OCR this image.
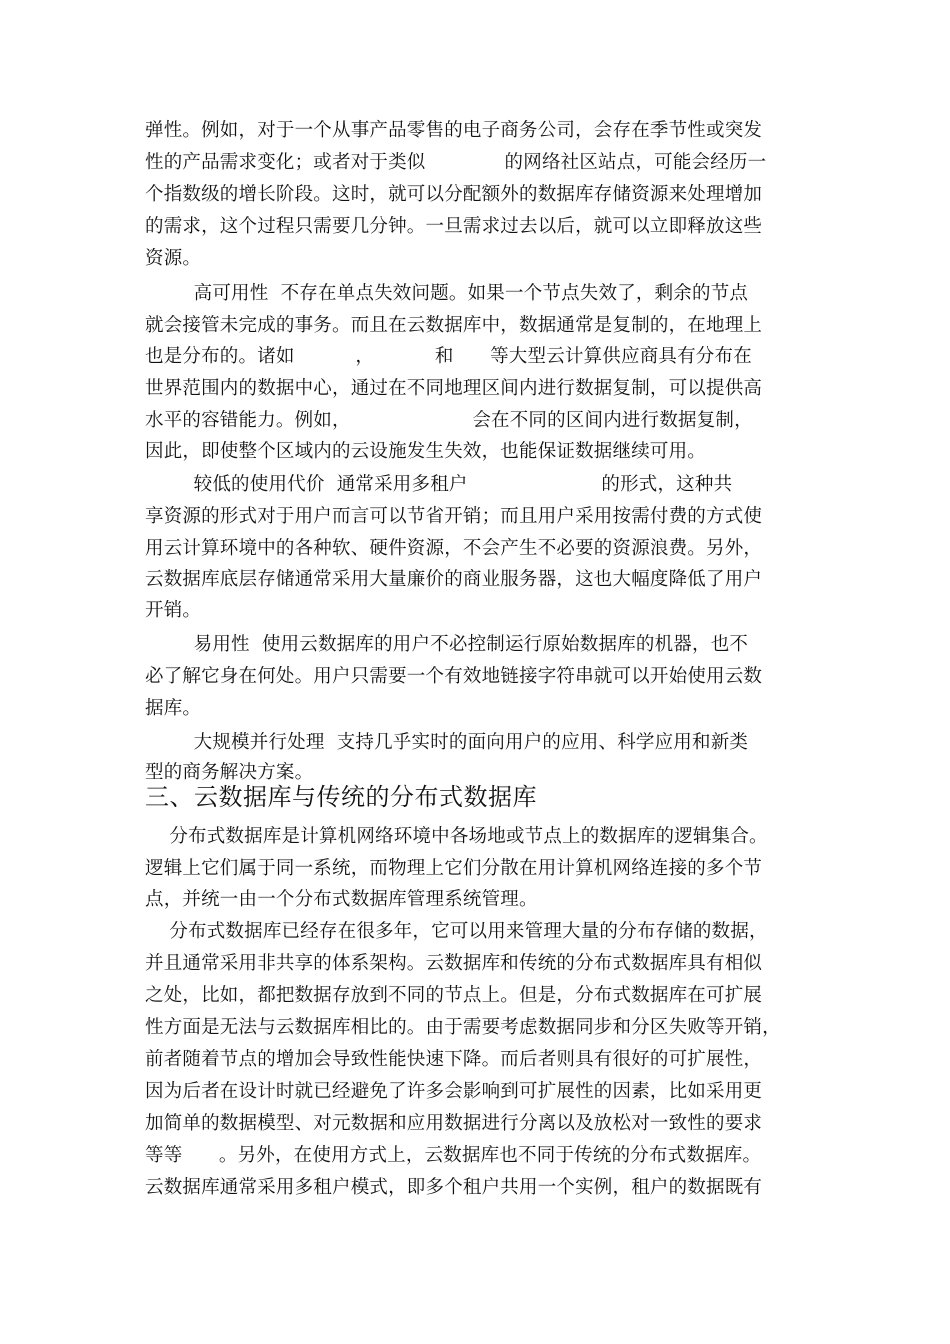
弹性。例如，对于一个从事产品零售的电子商务公司，会存在季节性或突发
性的产品需求变化；或者对于类似             的网络社区站点，可能会经历一
个指数级的增长阶段。这时，就可以分配额外的数据库存储资源来处理增加
的需求，这个过程只需要几分钟。一旦需求过去以后，就可以立即释放这些
资源。
高可用性  不存在单点失效问题。如果一个节点失效了，剩余的节点
就会接管未完成的事务。而且在云数据库中，数据通常是复制的，在地理上
也是分布的。诸如          ，          和      等大型云计算供应商具有分布在
世界范围内的数据中心，通过在不同地理区间内进行数据复制，可以提供高
水平的容错能力。例如，                    会在不同的区间内进行数据复制，
因此，即使整个区域内的云设施发生失效，也能保证数据继续可用。
较低的使用代价  通常采用多租户                      的形式，这种共
享资源的形式对于用户而言可以节省开销；而且用户采用按需付费的方式使
用云计算环境中的各种软、硬件资源，不会产生不必要的资源浪费。另外，
云数据库底层存储通常采用大量廉价的商业服务器，这也大幅度降低了用户
开销。
易用性  使用云数据库的用户不必控制运行原始数据库的机器，也不
必了解它身在何处。用户只需要一个有效地链接字符串就可以开始使用云数
据库。
大规模并行处理  支持几乎实时的面向用户的应用、科学应用和新类
型的商务解决方案。
三、云数据库与传统的分布式数据库
分布式数据库是计算机网络环境中各场地或节点上的数据库的逻辑集合。
逻辑上它们属于同一系统，而物理上它们分散在用计算机网络连接的多个节
点，并统一由一个分布式数据库管理系统管理。
分布式数据库已经存在很多年，它可以用来管理大量的分布存储的数据，
并且通常采用非共享的体系架构。云数据库和传统的分布式数据库具有相似
之处，比如，都把数据存放到不同的节点上。但是，分布式数据库在可扩展
性方面是无法与云数据库相比的。由于需要考虑数据同步和分区失败等开销，
前者随着节点的增加会导致性能快速下降。而后者则具有很好的可扩展性，
因为后者在设计时就已经避免了许多会影响到可扩展性的因素，比如采用更
加简单的数据模型、对元数据和应用数据进行分离以及放松对一致性的要求
等等      。另外，在使用方式上，云数据库也不同于传统的分布式数据库。
云数据库通常采用多租户模式，即多个租户共用一个实例，租户的数据既有
